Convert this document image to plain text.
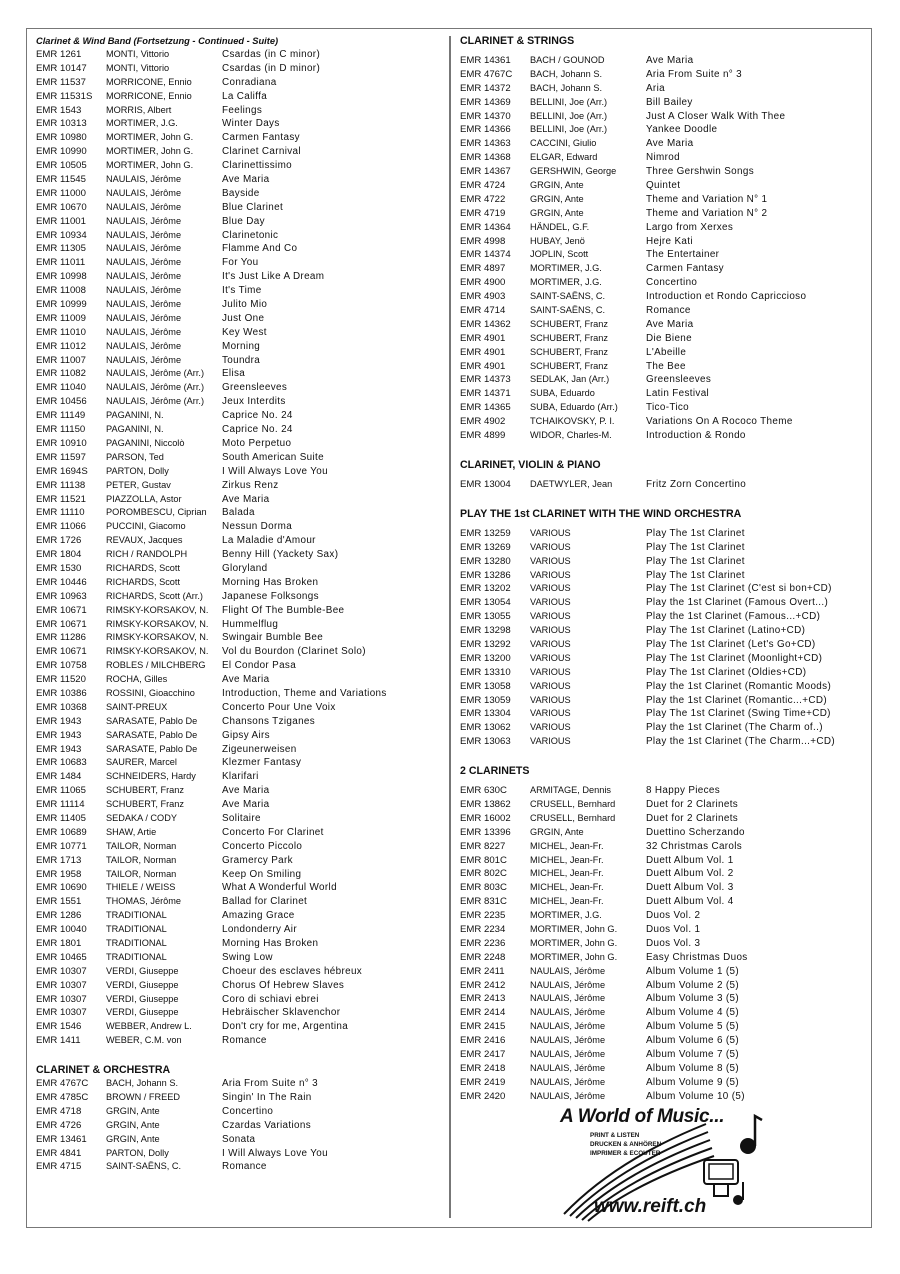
Clarinet & Wind Band (Fortsetzung - Continued - Suite)
EMR 1261	MONTI, Vittorio	Csardas (in C minor)
EMR 10147	MONTI, Vittorio	Csardas (in D minor)
EMR 11537	MORRICONE, Ennio	Conradiana
EMR 11531S	MORRICONE, Ennio	La Califfa
EMR 1543	MORRIS, Albert	Feelings
EMR 10313	MORTIMER, J.G.	Winter Days
EMR 10980	MORTIMER, John G.	Carmen Fantasy
EMR 10990	MORTIMER, John G.	Clarinet Carnival
EMR 10505	MORTIMER, John G.	Clarinettissimo
EMR 11545	NAULAIS, Jérôme	Ave Maria
EMR 11000	NAULAIS, Jérôme	Bayside
EMR 10670	NAULAIS, Jérôme	Blue Clarinet
EMR 11001	NAULAIS, Jérôme	Blue Day
EMR 10934	NAULAIS, Jérôme	Clarinetonic
EMR 11305	NAULAIS, Jérôme	Flamme And Co
EMR 11011	NAULAIS, Jérôme	For You
EMR 10998	NAULAIS, Jérôme	It's Just Like A Dream
EMR 11008	NAULAIS, Jérôme	It's Time
EMR 10999	NAULAIS, Jérôme	Julito Mio
EMR 11009	NAULAIS, Jérôme	Just One
EMR 11010	NAULAIS, Jérôme	Key West
EMR 11012	NAULAIS, Jérôme	Morning
EMR 11007	NAULAIS, Jérôme	Toundra
EMR 11082	NAULAIS, Jérôme (Arr.)	Elisa
EMR 11040	NAULAIS, Jérôme (Arr.)	Greensleeves
EMR 10456	NAULAIS, Jérôme (Arr.)	Jeux Interdits
EMR 11149	PAGANINI, N.	Caprice No. 24
EMR 11150	PAGANINI, N.	Caprice No. 24
EMR 10910	PAGANINI, Niccolò	Moto Perpetuo
EMR 11597	PARSON, Ted	South American Suite
EMR 1694S	PARTON, Dolly	I Will Always Love You
EMR 11138	PETER, Gustav	Zirkus Renz
EMR 11521	PIAZZOLLA, Astor	Ave Maria
EMR 11110	POROMBESCU, Ciprian	Balada
EMR 11066	PUCCINI, Giacomo	Nessun Dorma
EMR 1726	REVAUX, Jacques	La Maladie d'Amour
EMR 1804	RICH / RANDOLPH	Benny Hill (Yackety Sax)
EMR 1530	RICHARDS, Scott	Gloryland
EMR 10446	RICHARDS, Scott	Morning Has Broken
EMR 10963	RICHARDS, Scott (Arr.)	Japanese Folksongs
EMR 10671	RIMSKY-KORSAKOV, N.	Flight Of The Bumble-Bee
EMR 10671	RIMSKY-KORSAKOV, N.	Hummelflug
EMR 11286	RIMSKY-KORSAKOV, N.	Swingair Bumble Bee
EMR 10671	RIMSKY-KORSAKOV, N.	Vol du Bourdon (Clarinet Solo)
EMR 10758	ROBLES / MILCHBERG	El Condor Pasa
EMR 11520	ROCHA, Gilles	Ave Maria
EMR 10386	ROSSINI, Gioacchino	Introduction, Theme and Variations
EMR 10368	SAINT-PREUX	Concerto Pour Une Voix
EMR 1943	SARASATE, Pablo De	Chansons Tziganes
EMR 1943	SARASATE, Pablo De	Gipsy Airs
EMR 1943	SARASATE, Pablo De	Zigeunerweisen
EMR 10683	SAURER, Marcel	Klezmer Fantasy
EMR 1484	SCHNEIDERS, Hardy	Klarifari
EMR 11065	SCHUBERT, Franz	Ave Maria
EMR 11114	SCHUBERT, Franz	Ave Maria
EMR 11405	SEDAKA / CODY	Solitaire
EMR 10689	SHAW, Artie	Concerto For Clarinet
EMR 10771	TAILOR, Norman	Concerto Piccolo
EMR 1713	TAILOR, Norman	Gramercy Park
EMR 1958	TAILOR, Norman	Keep On Smiling
EMR 10690	THIELE / WEISS	What A Wonderful World
EMR 1551	THOMAS, Jérôme	Ballad for Clarinet
EMR 1286	TRADITIONAL	Amazing Grace
EMR 10040	TRADITIONAL	Londonderry Air
EMR 1801	TRADITIONAL	Morning Has Broken
EMR 10465	TRADITIONAL	Swing Low
EMR 10307	VERDI, Giuseppe	Choeur des esclaves hébreux
EMR 10307	VERDI, Giuseppe	Chorus Of Hebrew Slaves
EMR 10307	VERDI, Giuseppe	Coro di schiavi ebrei
EMR 10307	VERDI, Giuseppe	Hebräischer Sklavenchor
EMR 1546	WEBBER, Andrew L.	Don't cry for me, Argentina
EMR 1411	WEBER, C.M. von	Romance
CLARINET & ORCHESTRA
EMR 4767C	BACH, Johann S.	Aria From Suite n° 3
EMR 4785C	BROWN / FREED	Singin' In The Rain
EMR 4718	GRGIN, Ante	Concertino
EMR 4726	GRGIN, Ante	Czardas Variations
EMR 13461	GRGIN, Ante	Sonata
EMR 4841	PARTON, Dolly	I Will Always Love You
EMR 4715	SAINT-SAËNS, C.	Romance
CLARINET & STRINGS
EMR 14361	BACH / GOUNOD	Ave Maria
EMR 4767C	BACH, Johann S.	Aria From Suite n° 3
EMR 14372	BACH, Johann S.	Aria
EMR 14369	BELLINI, Joe (Arr.)	Bill Bailey
EMR 14370	BELLINI, Joe (Arr.)	Just A Closer Walk With Thee
EMR 14366	BELLINI, Joe (Arr.)	Yankee Doodle
EMR 14363	CACCINI, Giulio	Ave Maria
EMR 14368	ELGAR, Edward	Nimrod
EMR 14367	GERSHWIN, George	Three Gershwin Songs
EMR 4724	GRGIN, Ante	Quintet
EMR 4722	GRGIN, Ante	Theme and Variation N° 1
EMR 4719	GRGIN, Ante	Theme and Variation N° 2
EMR 14364	HÄNDEL, G.F.	Largo from Xerxes
EMR 4998	HUBAY, Jenö	Hejre Kati
EMR 14374	JOPLIN, Scott	The Entertainer
EMR 4897	MORTIMER, J.G.	Carmen Fantasy
EMR 4900	MORTIMER, J.G.	Concertino
EMR 4903	SAINT-SAËNS, C.	Introduction et Rondo Capriccioso
EMR 4714	SAINT-SAËNS, C.	Romance
EMR 14362	SCHUBERT, Franz	Ave Maria
EMR 4901	SCHUBERT, Franz	Die Biene
EMR 4901	SCHUBERT, Franz	L'Abeille
EMR 4901	SCHUBERT, Franz	The Bee
EMR 14373	SEDLAK, Jan (Arr.)	Greensleeves
EMR 14371	SUBA, Eduardo	Latin Festival
EMR 14365	SUBA, Eduardo (Arr.)	Tico-Tico
EMR 4902	TCHAIKOVSKY, P. I.	Variations On A Rococo Theme
EMR 4899	WIDOR, Charles-M.	Introduction & Rondo
CLARINET, VIOLIN & PIANO
EMR 13004	DAETWYLER, Jean	Fritz Zorn Concertino
PLAY THE 1st CLARINET WITH THE WIND ORCHESTRA
EMR 13259	VARIOUS	Play The 1st Clarinet
EMR 13269	VARIOUS	Play The 1st Clarinet
EMR 13280	VARIOUS	Play The 1st Clarinet
EMR 13286	VARIOUS	Play The 1st Clarinet
EMR 13202	VARIOUS	Play The 1st Clarinet (C'est si bon+CD)
EMR 13054	VARIOUS	Play the 1st Clarinet (Famous Overt...)
EMR 13055	VARIOUS	Play the 1st Clarinet (Famous...+CD)
EMR 13298	VARIOUS	Play The 1st Clarinet (Latino+CD)
EMR 13292	VARIOUS	Play The 1st Clarinet (Let's Go+CD)
EMR 13200	VARIOUS	Play The 1st Clarinet (Moonlight+CD)
EMR 13310	VARIOUS	Play The 1st Clarinet (Oldies+CD)
EMR 13058	VARIOUS	Play the 1st Clarinet (Romantic Moods)
EMR 13059	VARIOUS	Play the 1st Clarinet (Romantic...+CD)
EMR 13304	VARIOUS	Play The 1st Clarinet (Swing Time+CD)
EMR 13062	VARIOUS	Play the 1st Clarinet (The Charm of..)
EMR 13063	VARIOUS	Play the 1st Clarinet (The Charm...+CD)
2 CLARINETS
EMR 630C	ARMITAGE, Dennis	8 Happy Pieces
EMR 13862	CRUSELL, Bernhard	Duet for 2 Clarinets
EMR 16002	CRUSELL, Bernhard	Duet for 2 Clarinets
EMR 13396	GRGIN, Ante	Duettino Scherzando
EMR 8227	MICHEL, Jean-Fr.	32 Christmas Carols
EMR 801C	MICHEL, Jean-Fr.	Duett Album Vol. 1
EMR 802C	MICHEL, Jean-Fr.	Duett Album Vol. 2
EMR 803C	MICHEL, Jean-Fr.	Duett Album Vol. 3
EMR 831C	MICHEL, Jean-Fr.	Duett Album Vol. 4
EMR 2235	MORTIMER, J.G.	Duos Vol. 2
EMR 2234	MORTIMER, John G.	Duos Vol. 1
EMR 2236	MORTIMER, John G.	Duos Vol. 3
EMR 2248	MORTIMER, John G.	Easy Christmas Duos
EMR 2411	NAULAIS, Jérôme	Album Volume 1 (5)
EMR 2412	NAULAIS, Jérôme	Album Volume 2 (5)
EMR 2413	NAULAIS, Jérôme	Album Volume 3 (5)
EMR 2414	NAULAIS, Jérôme	Album Volume 4 (5)
EMR 2415	NAULAIS, Jérôme	Album Volume 5 (5)
EMR 2416	NAULAIS, Jérôme	Album Volume 6 (5)
EMR 2417	NAULAIS, Jérôme	Album Volume 7 (5)
EMR 2418	NAULAIS, Jérôme	Album Volume 8 (5)
EMR 2419	NAULAIS, Jérôme	Album Volume 9 (5)
EMR 2420	NAULAIS, Jérôme	Album Volume 10 (5)
A World of Music...
PRINT & LISTEN
DRUCKEN & ANHÖREN
IMPRIMER & ECOUTER
www.reift.ch
